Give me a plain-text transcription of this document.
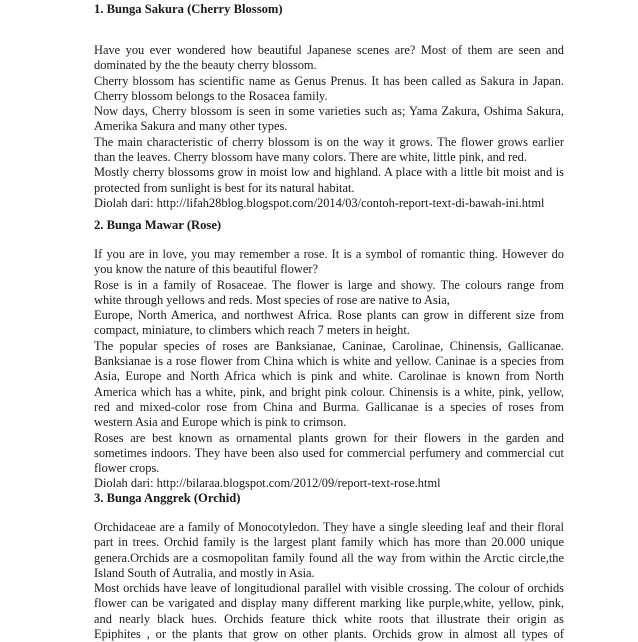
1. Bunga Sakura (Cherry Blossom)
Have you ever wondered how beautiful Japanese scenes are? Most of them are seen and
dominated by the the beauty cherry blossom.
Cherry blossom has scientific name as Genus Prenus. It has been called as Sakura in Japan.
Cherry blossom belongs to the Rosacea family.
Now days, Cherry blossom is seen in some varieties such as; Yama Zakura, Oshima Sakura,
Amerika Sakura and many other types.
The main characteristic of cherry blossom is on the way it grows. The flower grows earlier
than the leaves. Cherry blossom have many colors. There are white, little pink, and red.
Mostly cherry blossoms grow in moist low and highland. A place with a little bit moist and is
protected from sunlight is best for its natural habitat.
Diolah dari: http://lifah28blog.blogspot.com/2014/03/contoh-report-text-di-bawah-ini.html
2. Bunga Mawar (Rose)
If you are in love, you may remember a rose. It is a symbol of romantic thing. However do
you know the nature of this beautiful flower?
Rose is in a family of Rosaceae. The flower is large and showy. The colours range from
white through yellows and reds. Most species of rose are native to Asia,
Europe, North America, and northwest Africa. Rose plants can grow in different size from
compact, miniature, to climbers which reach 7 meters in height.
The popular species of roses are Banksianae, Caninae, Carolinae, Chinensis, Gallicanae.
Banksianae is a rose flower from China which is white and yellow. Caninae is a species from
Asia, Europe and North Africa which is pink and white. Carolinae is known from North
America which has a white, pink, and bright pink colour. Chinensis is a white, pink, yellow,
red and mixed-color rose from China and Burma. Gallicanae is a species of roses from
western Asia and Europe which is pink to crimson.
Roses are best known as ornamental plants grown for their flowers in the garden and
sometimes indoors. They have been also used for commercial perfumery and commercial cut
flower crops.
Diolah dari: http://bilaraa.blogspot.com/2012/09/report-text-rose.html
3. Bunga Anggrek (Orchid)
Orchidaceae are a family of Monocotyledon. They have a single sleeding leaf and their floral
part in trees. Orchid family is the largest plant family which has more than 20.000 unique
genera.Orchids are a cosmopolitan family found all the way from within the Arctic circle,the
Island South of Autralia, and mostly in Asia.
Most orchids have leave of longitudional parallel with visible crossing. The colour of orchids
flower can be varigated and display many different marking like purple,white, yellow, pink,
and nearly black hues. Orchids feature thick white roots that illustrate their origin as
Epiphites , or the plants that grow on other plants. Orchids grow in almost all types of
